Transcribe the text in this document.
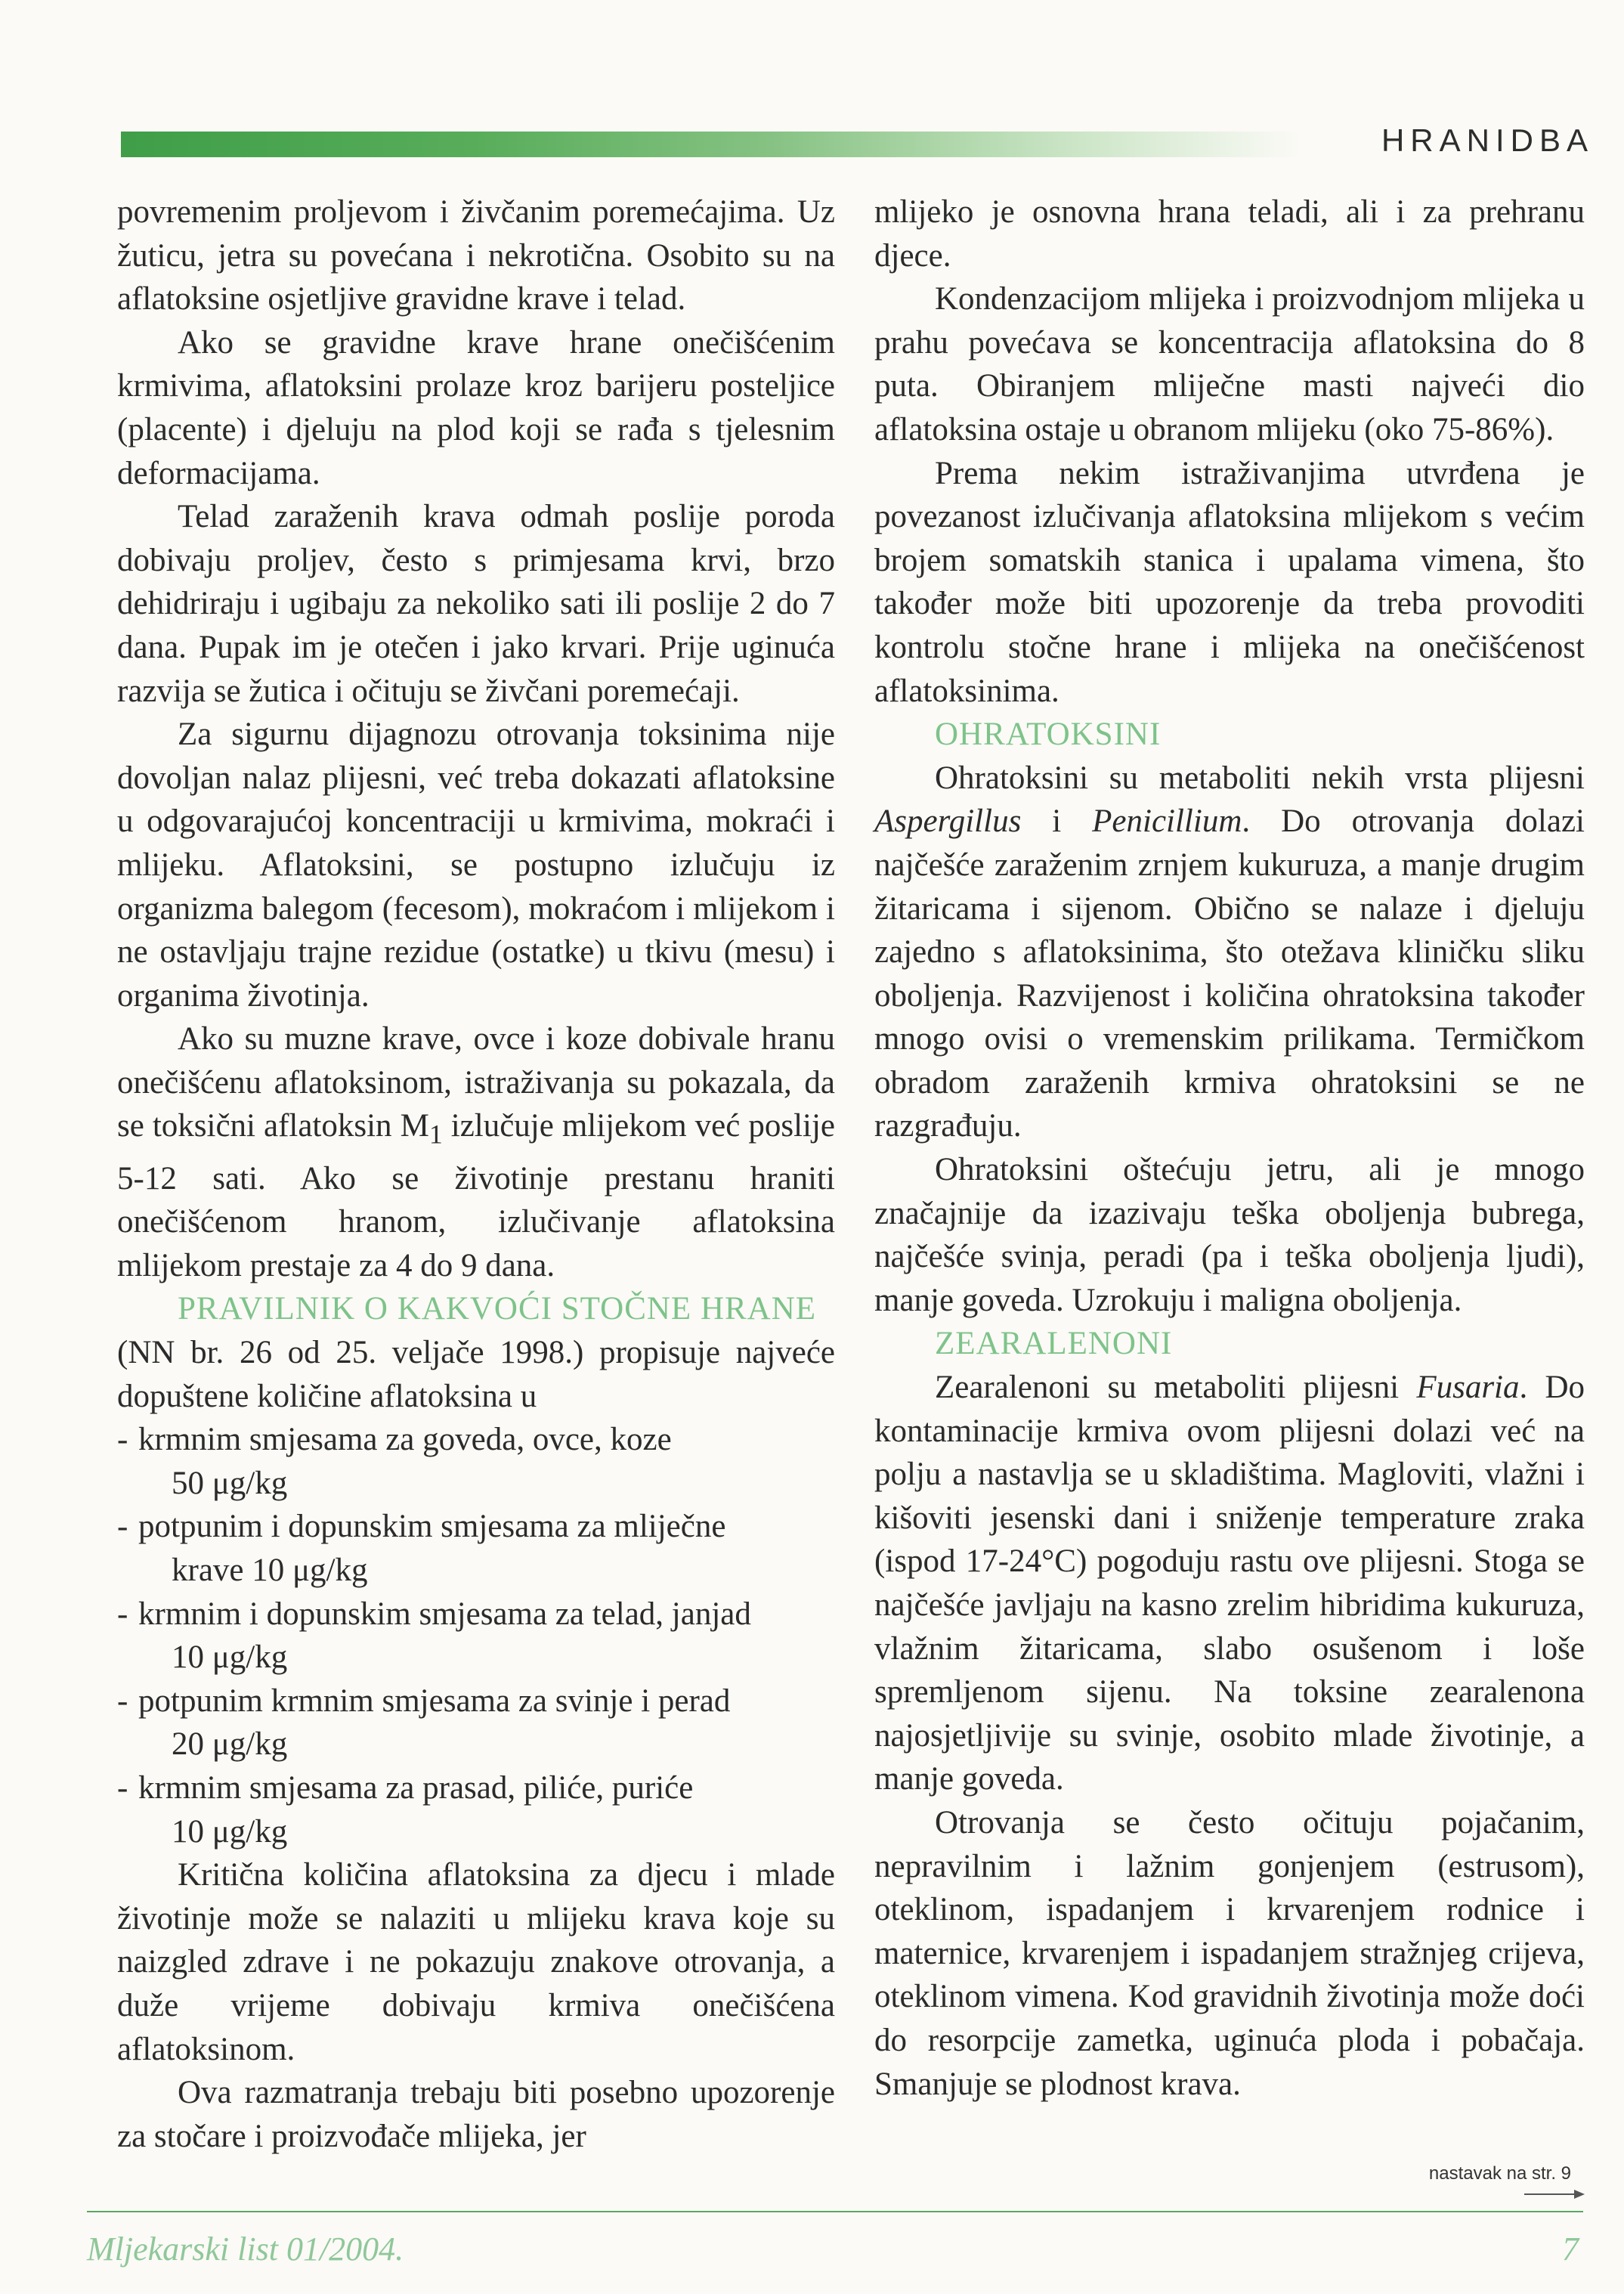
HRANIDBA

povremenim proljevom i živčanim poremećajima. Uz žuticu, jetra su povećana i nekrotična. Osobito su na aflatoksine osjetljive gravidne krave i telad.

Ako se gravidne krave hrane onečišćenim krmivima, aflatoksini prolaze kroz barijeru posteljice (placente) i djeluju na plod koji se rađa s tjelesnim deformacijama.

Telad zaraženih krava odmah poslije poroda dobivaju proljev, često s primjesama krvi, brzo dehidriraju i ugibaju za nekoliko sati ili poslije 2 do 7 dana. Pupak im je otečen i jako krvari. Prije uginuća razvija se žutica i očituju se živčani poremećaji.

Za sigurnu dijagnozu otrovanja toksinima nije dovoljan nalaz plijesni, već treba dokazati aflatoksine u odgovarajućoj koncentraciji u krmivima, mokraći i mlijeku. Aflatoksini, se postupno izlučuju iz organizma balegom (fecesom), mokraćom i mlijekom i ne ostavljaju trajne rezidue (ostatke) u tkivu (mesu) i organima životinja.

Ako su muzne krave, ovce i koze dobivale hranu onečišćenu aflatoksinom, istraživanja su pokazala, da se toksični aflatoksin $M_1$ izlučuje mlijekom već poslije 5-12 sati. Ako se životinje prestanu hraniti onečišćenom hranom, izlučivanje aflatoksina mlijekom prestaje za 4 do 9 dana.

PRAVILNIK O KAKVOĆI STOČNE HRANE

(NN br. 26 od 25. veljače 1998.) propisuje najveće dopuštene količine aflatoksina u

- krmnim smjesama za goveda, ovce, koze
50 μg/kg
- potpunim i dopunskim smjesama za mliječne
krave 10 μg/kg
- krmnim i dopunskim smjesama za telad, janjad
10 μg/kg
- potpunim krmnim smjesama za svinje i perad
20 μg/kg
- krmnim smjesama za prasad, piliće, puriće
10 μg/kg

Kritična količina aflatoksina za djecu i mlade životinje može se nalaziti u mlijeku krava koje su naizgled zdrave i ne pokazuju znakove otrovanja, a duže vrijeme dobivaju krmiva onečišćena aflatoksinom.

Ova razmatranja trebaju biti posebno upozorenje za stočare i proizvođače mlijeka, jer

mlijeko je osnovna hrana teladi, ali i za prehranu djece.

Kondenzacijom mlijeka i proizvodnjom mlijeka u prahu povećava se koncentracija aflatoksina do 8 puta. Obiranjem mliječne masti najveći dio aflatoksina ostaje u obranom mlijeku (oko 75-86%).

Prema nekim istraživanjima utvrđena je povezanost izlučivanja aflatoksina mlijekom s većim brojem somatskih stanica i upalama vimena, što također može biti upozorenje da treba provoditi kontrolu stočne hrane i mlijeka na onečišćenost aflatoksinima.

OHRATOKSINI

Ohratoksini su metaboliti nekih vrsta plijesni Aspergillus i Penicillium. Do otrovanja dolazi najčešće zaraženim zrnjem kukuruza, a manje drugim žitaricama i sijenom. Obično se nalaze i djeluju zajedno s aflatoksinima, što otežava kliničku sliku oboljenja. Razvijenost i količina ohratoksina također mnogo ovisi o vremenskim prilikama. Termičkom obradom zaraženih krmiva ohratoksini se ne razgrađuju.

Ohratoksini oštećuju jetru, ali je mnogo značajnije da izazivaju teška oboljenja bubrega, najčešće svinja, peradi (pa i teška oboljenja ljudi), manje goveda. Uzrokuju i maligna oboljenja.

ZEARALENONI

Zearalenoni su metaboliti plijesni Fusaria. Do kontaminacije krmiva ovom plijesni dolazi već na polju a nastavlja se u skladištima. Magloviti, vlažni i kišoviti jesenski dani i sniženje temperature zraka (ispod 17-24°C) pogoduju rastu ove plijesni. Stoga se najčešće javljaju na kasno zrelim hibridima kukuruza, vlažnim žitaricama, slabo osušenom i loše spremljenom sijenu. Na toksine zearalenona najosjetljivije su svinje, osobito mlade životinje, a manje goveda.

Otrovanja se često očituju pojačanim, nepravilnim i lažnim gonjenjem (estrusom), oteklinom, ispadanjem i krvarenjem rodnice i maternice, krvarenjem i ispadanjem stražnjeg crijeva, oteklinom vimena. Kod gravidnih životinja može doći do resorpcije zametka, uginuća ploda i pobačaja. Smanjuje se plodnost krava.

nastavak na str. 9
Mljekarski list 01/2004.	7
